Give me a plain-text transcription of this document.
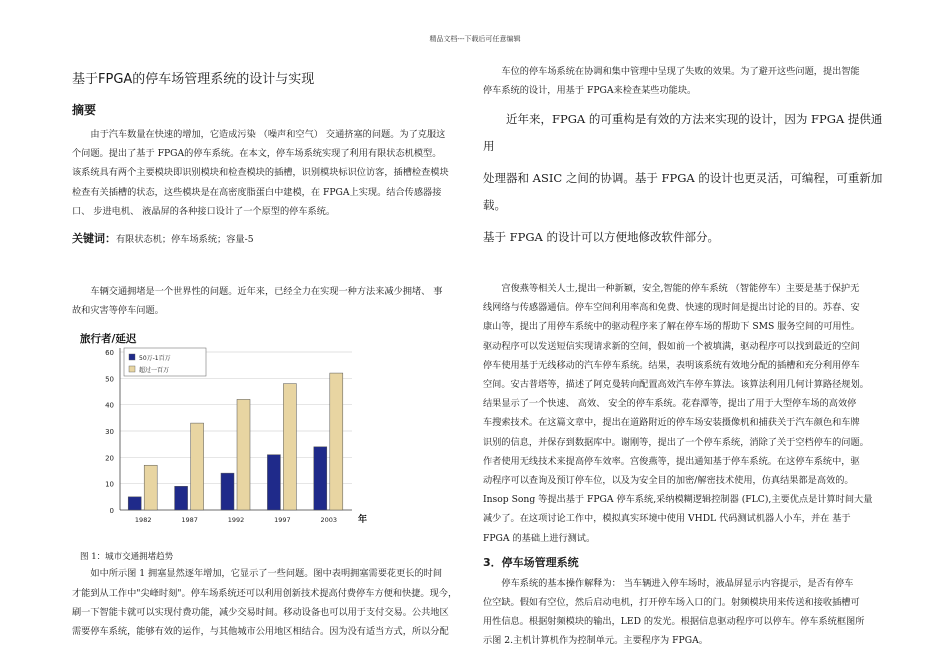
精品文档---下载后可任意编辑
基于FPGA的停车场管理系统的设计与实现
摘要

由于汽车数量在快速的增加，它造成污染 （噪声和空气） 交通挤塞的问题。为了克服这

个问题。提出了基于 FPGA的停车系统。在本文，停车场系统实现了利用有限状态机模型。

该系统具有两个主要模块即识别模块和检查模块的插槽，识别模块标识位访客，插槽检查模块

检查有关插槽的状态，这些模块是在高密度脂蛋白中建模，在 FPGA上实现。结合传感器接

口、 步进电机、 液晶屏的各种接口设计了一个原型的停车系统。

关键词：有限状态机；停车场系统；容量-5

车辆交通拥堵是一个世界性的问题。近年来，已经全力在实现一种方法来减少拥堵、 事

故和灾害等停车问题。

旅行者/延迟
0
10
20
30
40
50
60
1982	1987	1992	1997	2003 年
50万-1百万
超过一百万
图 1：城市交通拥堵趋势

如中所示图 1 拥塞显然逐年增加，它显示了一些问题。图中表明拥塞需要花更长的时间

才能到从工作中"尖峰时刻"。停车场系统还可以利用创新技术提高付费停车方便和快捷。现今，

刷一下智能卡就可以实现付费功能，减少交易时间。移动设备也可以用于支付交易。公共地区

需要停车系统，能够有效的运作，与其他城市公用地区相结合。因为没有适当方式，所以分配

车位的停车场系统在协调和集中管理中呈现了失败的效果。为了避开这些问题，提出智能

停车系统的设计，用基于 FPGA来检查某些功能块。

近年来，FPGA 的可重构是有效的方法来实现的设计，因为 FPGA 提供通用

处理器和 ASIC 之间的协调。基于 FPGA 的设计也更灵活，可编程，可重新加载。

基于 FPGA 的设计可以方便地修改软件部分。

宫俊燕等相关人士,提出一种新颖，安全,智能的停车系统 （智能停车）主要是基于保护无

线网络与传感器通信。停车空间利用率高和免费、快速的现时间是提出讨论的目的。苏春、安

康山等，提出了用停车系统中的驱动程序来了解在停车场的帮助下 SMS 服务空间的可用性。

驱动程序可以发送短信实现请求新的空间，假如前一个被填满，驱动程序可以找到最近的空间

停车使用基于无线移动的汽车停车系统。结果，表明该系统有效地分配的插槽和充分利用停车

空间。安古普塔等，描述了阿克曼转向配置高效汽车停车算法。该算法利用几何计算路径规划。

结果显示了一个快速、 高效、 安全的停车系统。花春潭等，提出了用于大型停车场的高效停

车搜索技术。在这篇文章中，提出在道路附近的停车场安装摄像机和捕获关于汽车颜色和车牌

识别的信息，并保存到数据库中。谢刚等，提出了一个停车系统，消除了关于空档停车的问题。

作者使用无线技术来提高停车效率。宫俊燕等，提出通知基于停车系统。在这停车系统中，驱

动程序可以查询及预订停车位，以及为安全目的加密/解密技术使用，仿真结果都是高效的。

Insop Song 等提出基于 FPGA 停车系统,采纳模糊逻辑控制器 (FLC),主要优点是计算时间大量

减少了。在这项讨论工作中，模拟真实环境中使用 VHDL 代码测试机器人小车，并在 基于

FPGA 的基础上进行测试。

3．停车场管理系统

停车系统的基本操作解释为： 当车辆进入停车场时，液晶屏显示内容提示，是否有停车

位空缺。假如有空位，然后启动电机，打开停车场入口的门。射频模块用来传送和接收插槽可

用性信息。根据射频模块的输出，LED 的发光。根据信息驱动程序可以停车。停车系统框图所

示图 2.主机计算机作为控制单元。主要程序为 FPGA。
